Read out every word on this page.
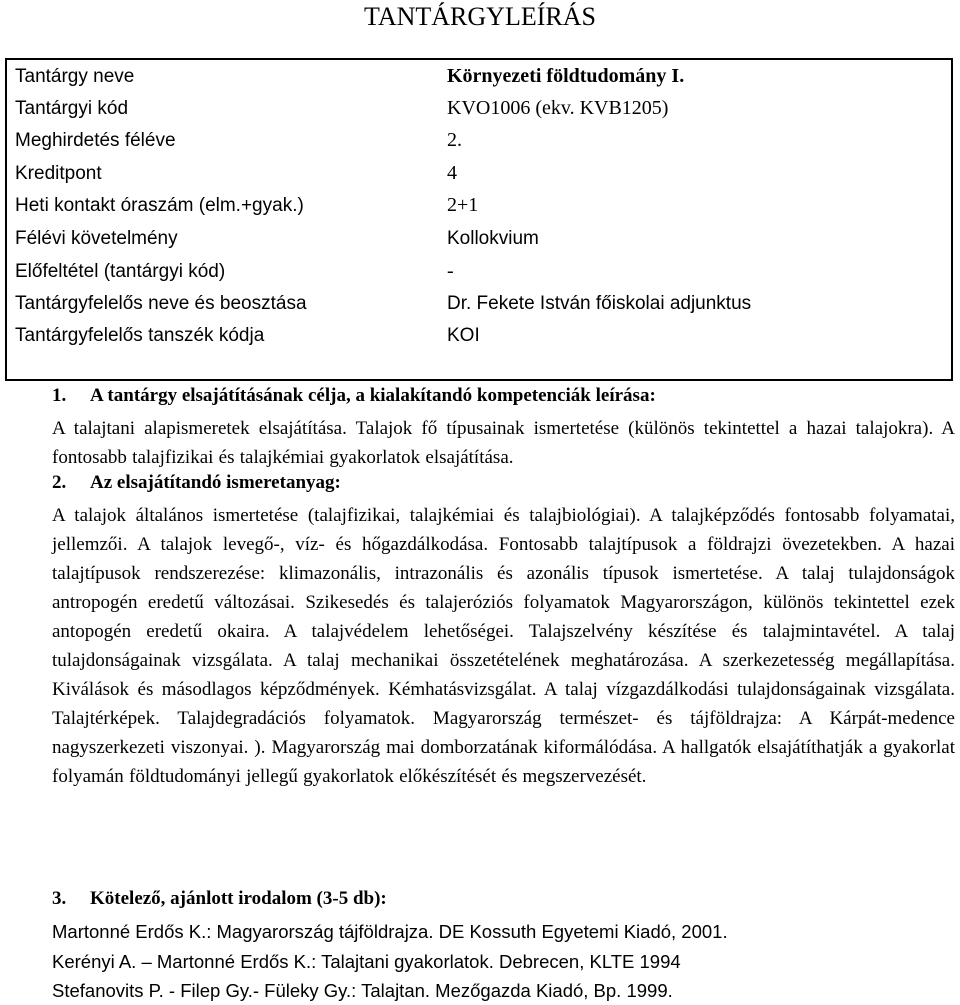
TANTÁRGYLEÍRÁS
Tantárgy neve	Környezeti földtudomány I.
Tantárgyi kód	KVO1006 (ekv. KVB1205)
Meghirdetés féléve	2.
Kreditpont	4
Heti kontakt óraszám (elm.+gyak.)	2+1
Félévi követelmény	Kollokvium
Előfeltétel (tantárgyi kód)	-
Tantárgyfelelős neve és beosztása	Dr. Fekete István főiskolai adjunktus
Tantárgyfelelős tanszék kódja	KOI
1. A tantárgy elsajátításának célja, a kialakítandó kompetenciák leírása:
A talajtani alapismeretek elsajátítása. Talajok fő típusainak ismertetése (különös tekintettel a hazai talajokra). A fontosabb talajfizikai és talajkémiai gyakorlatok elsajátítása.
2. Az elsajátítandó ismeretanyag:
A talajok általános ismertetése (talajfizikai, talajkémiai és talajbiológiai). A talajképződés fontosabb folyamatai, jellemzői. A talajok levegő-, víz- és hőgazdálkodása. Fontosabb talajtípusok a földrajzi övezetekben. A hazai talajtípusok rendszerezése: klimazonális, intrazonális és azonális típusok ismertetése. A talaj tulajdonságok antropogén eredetű változásai. Szikesedés és talajeróziós folyamatok Magyarországon, különös tekintettel ezek antopogén eredetű okaira. A talajvédelem lehetőségei. Talajszelvény készítése és talajmintavétel. A talaj tulajdonságainak vizsgálata. A talaj mechanikai összetételének meghatározása. A szerkezetesség megállapítása. Kiválások és másodlagos képződmények. Kémhatásvizsgálat. A talaj vízgazdálkodási tulajdonságainak vizsgálata. Talajtérképek. Talajdegradációs folyamatok. Magyarország természet- és tájföldrajza: A Kárpát-medence nagyszerkezeti viszonyai. ). Magyarország mai domborzatának kiformálódása. A hallgatók elsajátíthatják a gyakorlat folyamán földtudományi jellegű gyakorlatok előkészítését és megszervezését.
3. Kötelező, ajánlott irodalom (3-5 db):
Martonné Erdős K.: Magyarország tájföldrajza. DE Kossuth Egyetemi Kiadó, 2001.
Kerényi A. – Martonné Erdős K.: Talajtani gyakorlatok. Debrecen, KLTE 1994
Stefanovits P. - Filep Gy.- Füleky Gy.: Talajtan. Mezőgazda Kiadó, Bp. 1999.
